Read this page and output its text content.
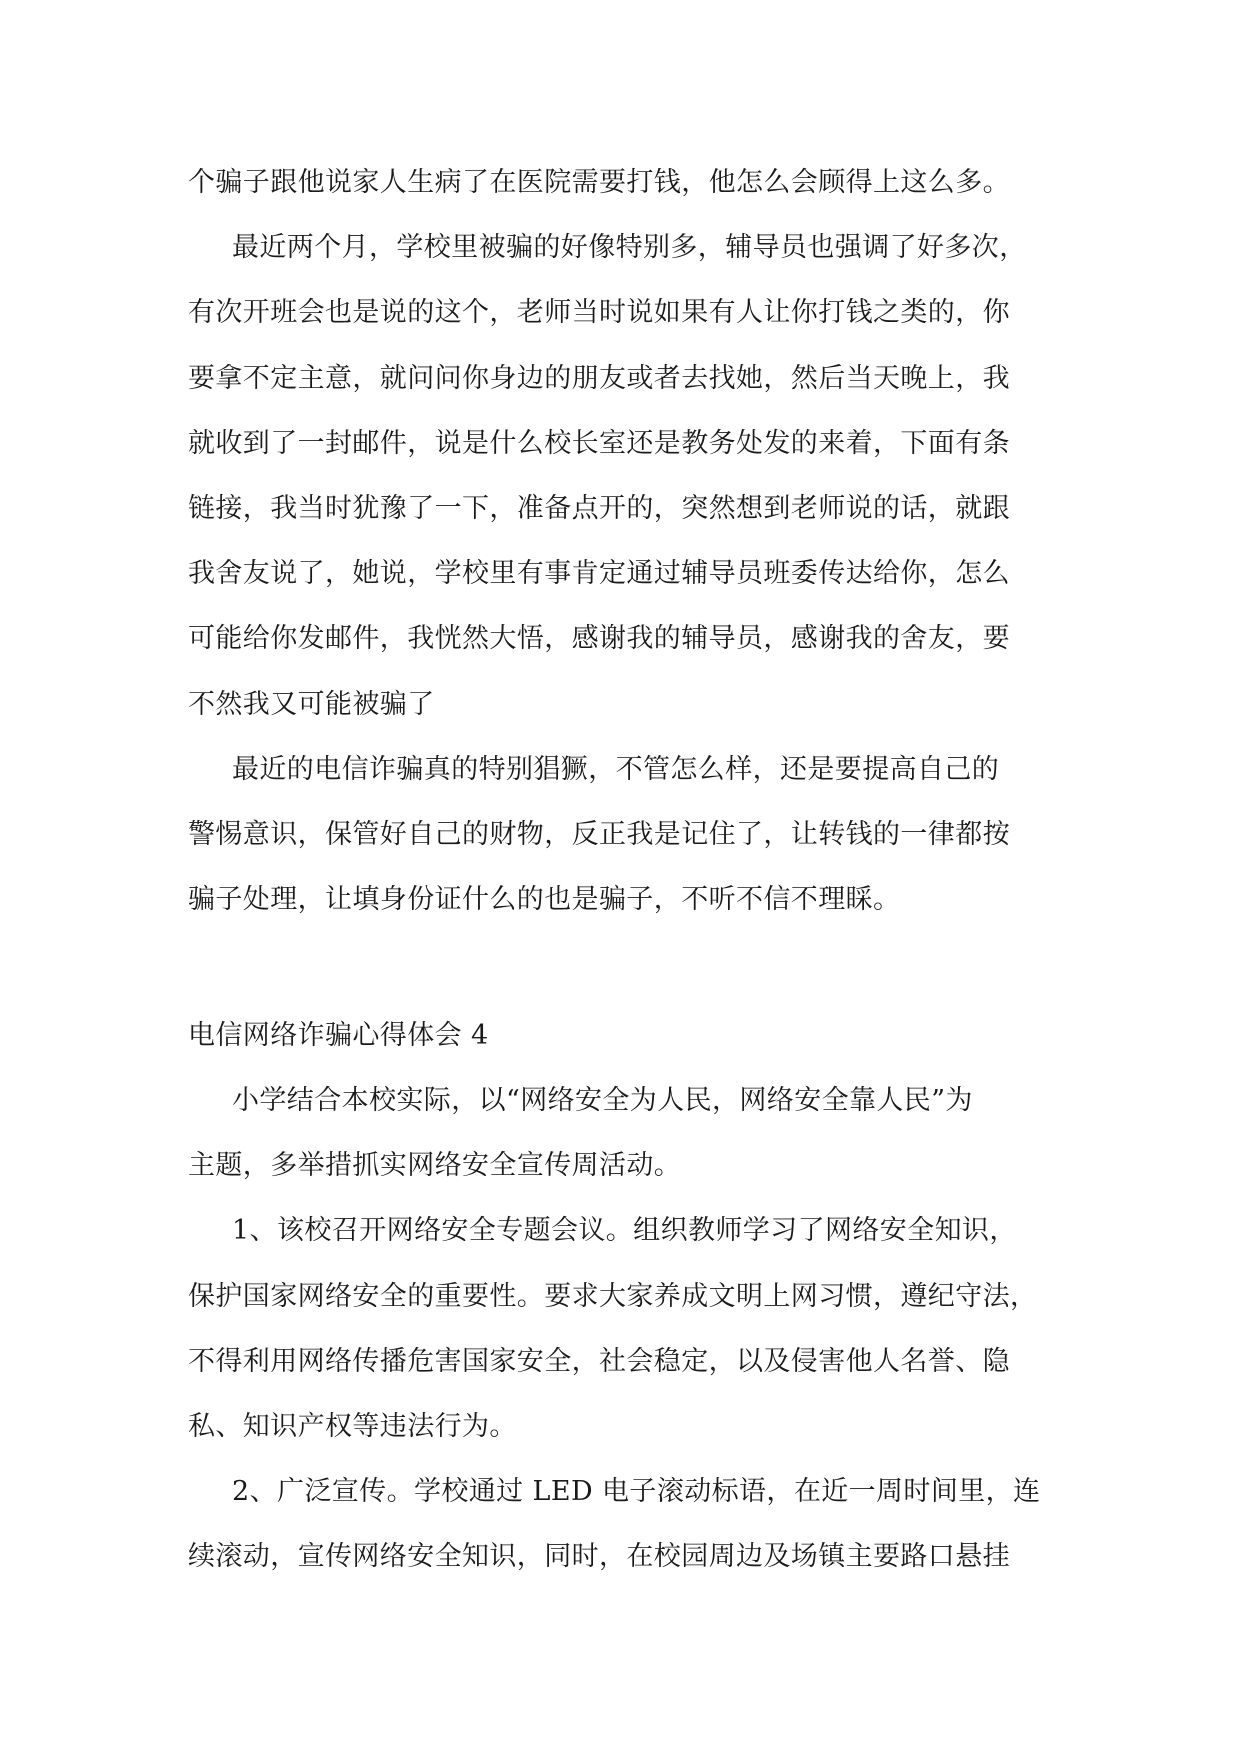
个骗子跟他说家人生病了在医院需要打钱，他怎么会顾得上这么多。
最近两个月，学校里被骗的好像特别多，辅导员也强调了好多次，
有次开班会也是说的这个，老师当时说如果有人让你打钱之类的，你
要拿不定主意，就问问你身边的朋友或者去找她，然后当天晚上，我
就收到了一封邮件，说是什么校长室还是教务处发的来着，下面有条
链接，我当时犹豫了一下，准备点开的，突然想到老师说的话，就跟
我舍友说了，她说，学校里有事肯定通过辅导员班委传达给你，怎么
可能给你发邮件，我恍然大悟，感谢我的辅导员，感谢我的舍友，要
不然我又可能被骗了
最近的电信诈骗真的特别猖獗，不管怎么样，还是要提高自己的
警惕意识，保管好自己的财物，反正我是记住了，让转钱的一律都按
骗子处理，让填身份证什么的也是骗子，不听不信不理睬。
电信网络诈骗心得体会 4
小学结合本校实际，以“网络安全为人民，网络安全靠人民”为
主题，多举措抓实网络安全宣传周活动。
1、该校召开网络安全专题会议。组织教师学习了网络安全知识，
保护国家网络安全的重要性。要求大家养成文明上网习惯，遵纪守法，
不得利用网络传播危害国家安全，社会稳定，以及侵害他人名誉、隐
私、知识产权等违法行为。
2、广泛宣传。学校通过 LED 电子滚动标语，在近一周时间里，连
续滚动，宣传网络安全知识，同时，在校园周边及场镇主要路口悬挂
